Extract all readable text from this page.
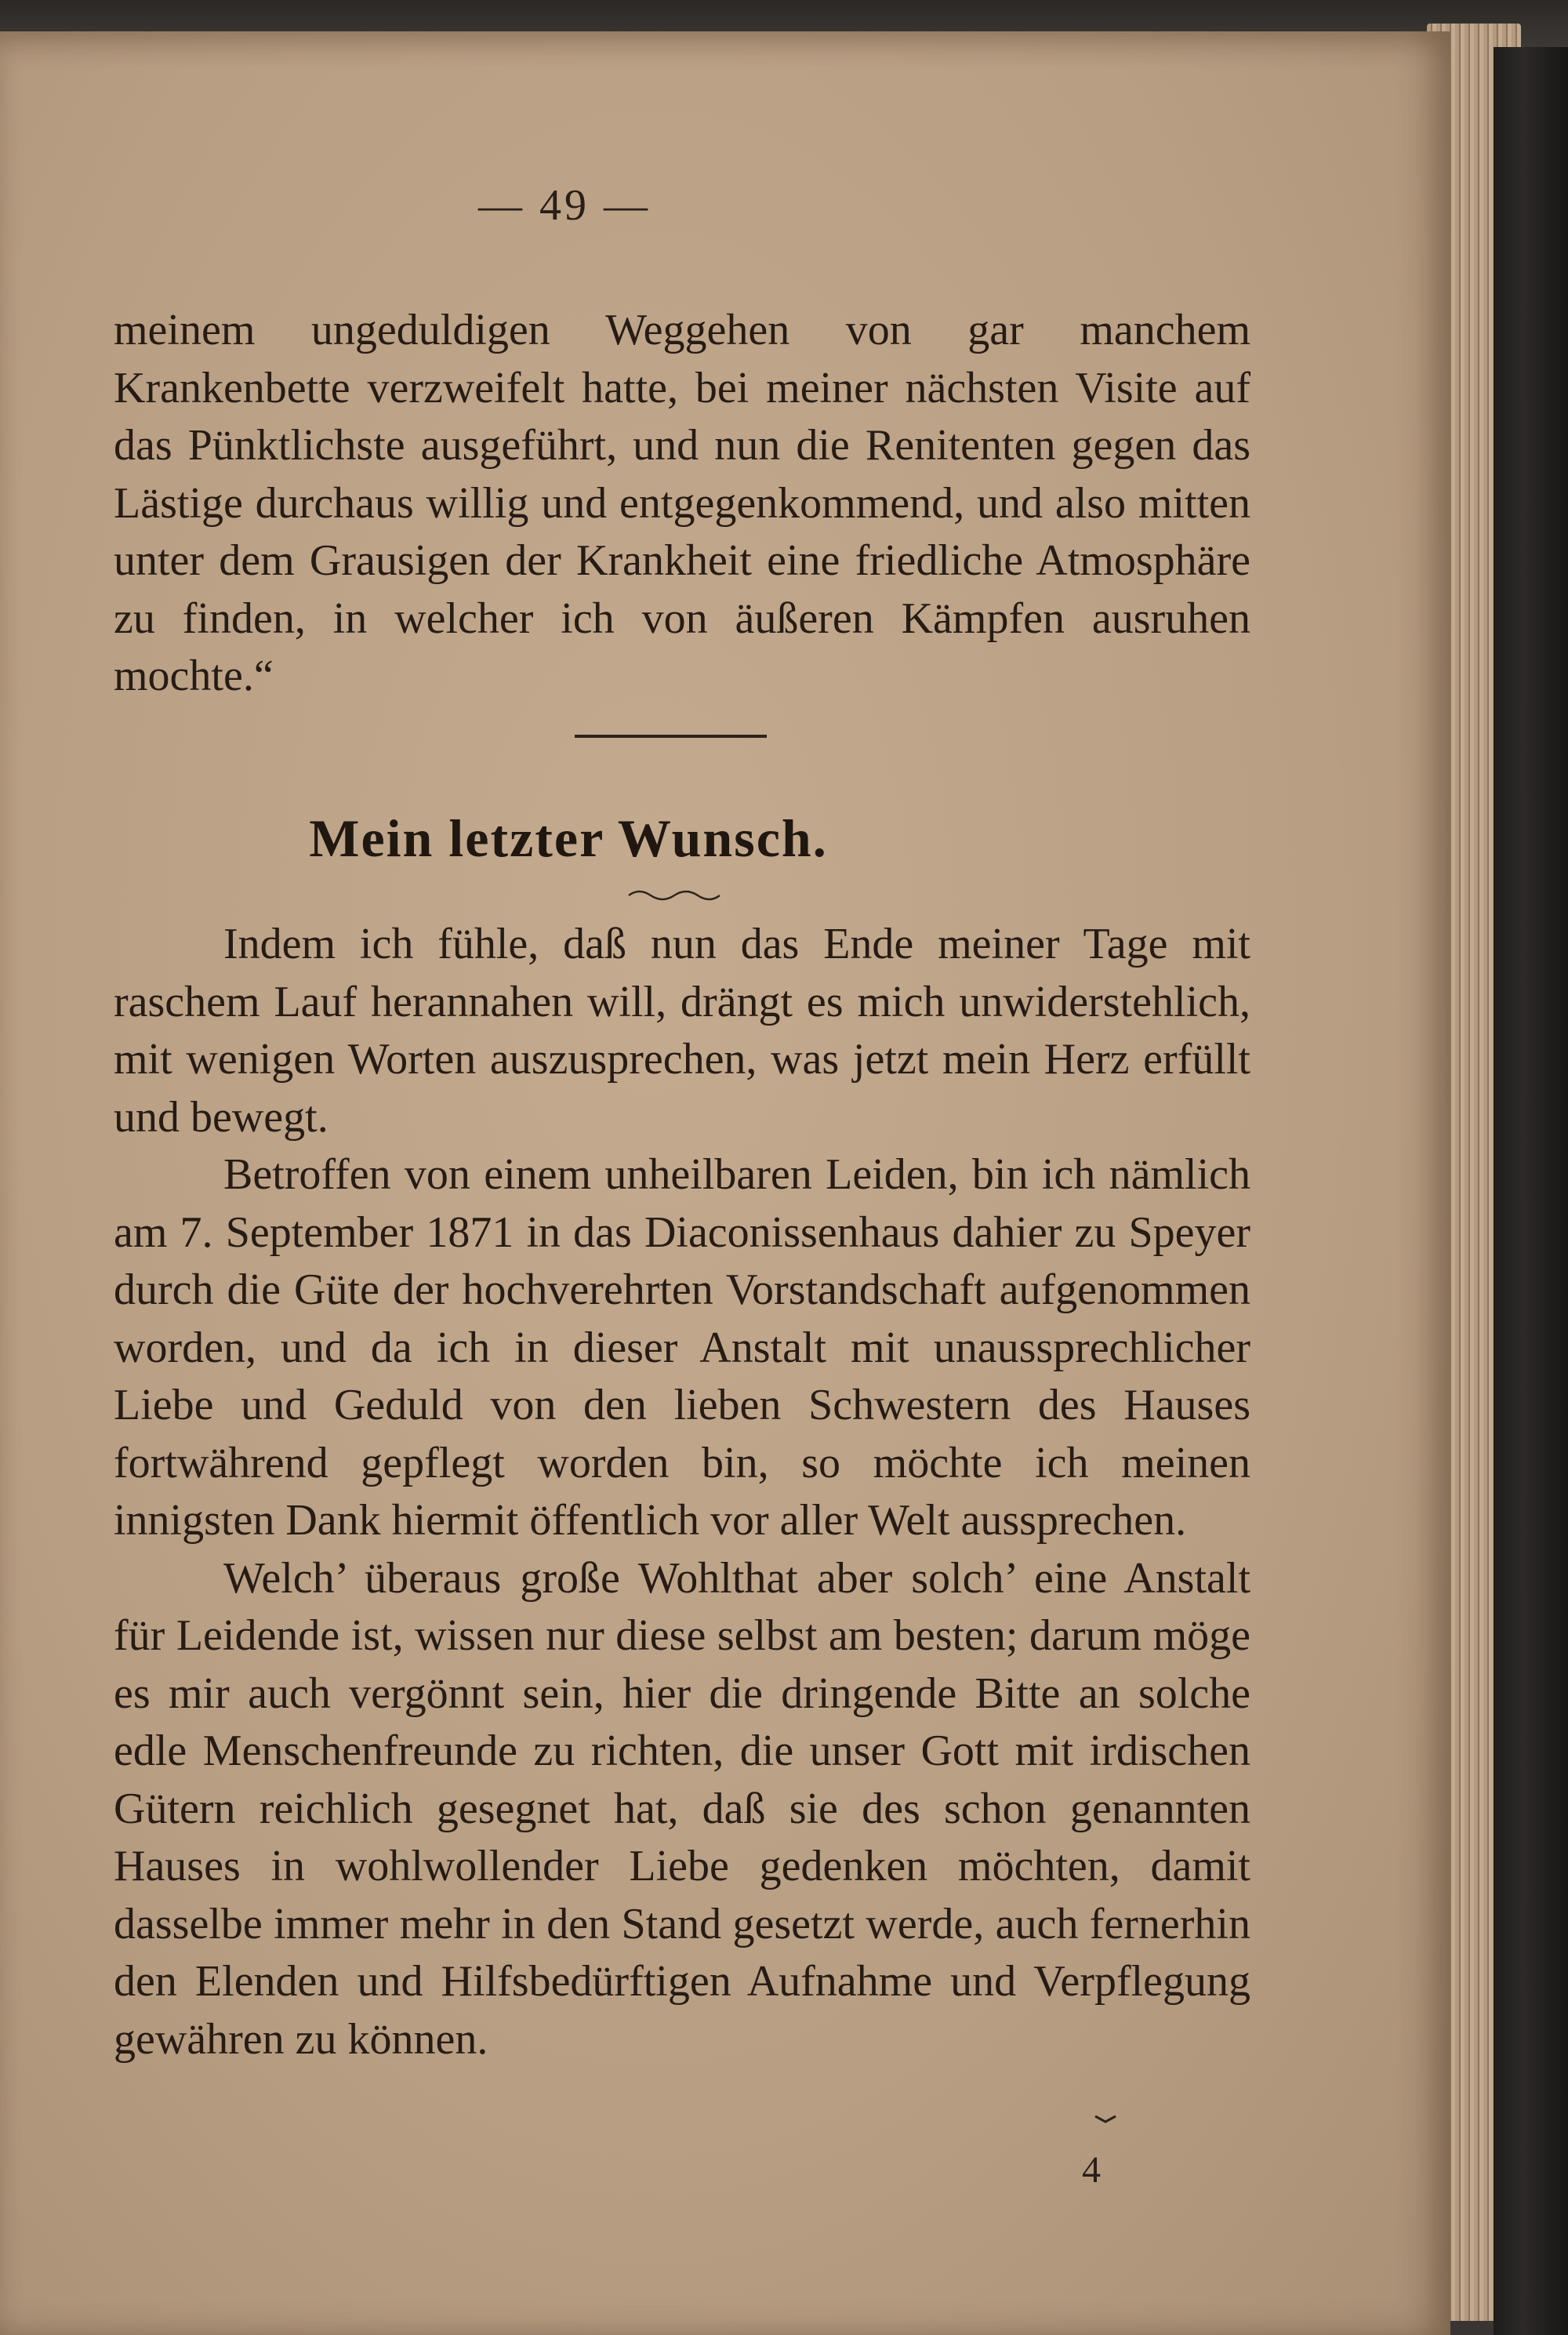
— 49 —

meinem ungeduldigen Weggehen von gar manchem Krankenbette verzweifelt hatte, bei meiner nächsten Visite auf das Pünktlichste ausgeführt, und nun die Renitenten gegen das Lästige durchaus willig und entgegenkommend, und also mitten unter dem Grausigen der Krankheit eine friedliche Atmosphäre zu finden, in welcher ich von äußeren Kämpfen ausruhen mochte.“

Mein letzter Wunsch.

Indem ich fühle, daß nun das Ende meiner Tage mit raschem Lauf herannahen will, drängt es mich unwiderstehlich, mit wenigen Worten auszusprechen, was jetzt mein Herz erfüllt und bewegt.

Betroffen von einem unheilbaren Leiden, bin ich nämlich am 7. September 1871 in das Diaconissenhaus dahier zu Speyer durch die Güte der hochverehrten Vorstandschaft aufgenommen worden, und da ich in dieser Anstalt mit unaussprechlicher Liebe und Geduld von den lieben Schwestern des Hauses fortwährend gepflegt worden bin, so möchte ich meinen innigsten Dank hiermit öffentlich vor aller Welt aussprechen.

Welch’ überaus große Wohlthat aber solch’ eine Anstalt für Leidende ist, wissen nur diese selbst am besten; darum möge es mir auch vergönnt sein, hier die dringende Bitte an solche edle Menschenfreunde zu richten, die unser Gott mit irdischen Gütern reichlich gesegnet hat, daß sie des schon genannten Hauses in wohlwollender Liebe gedenken möchten, damit dasselbe immer mehr in den Stand gesetzt werde, auch fernerhin den Elenden und Hilfsbedürftigen Aufnahme und Verpflegung gewähren zu können.

4
